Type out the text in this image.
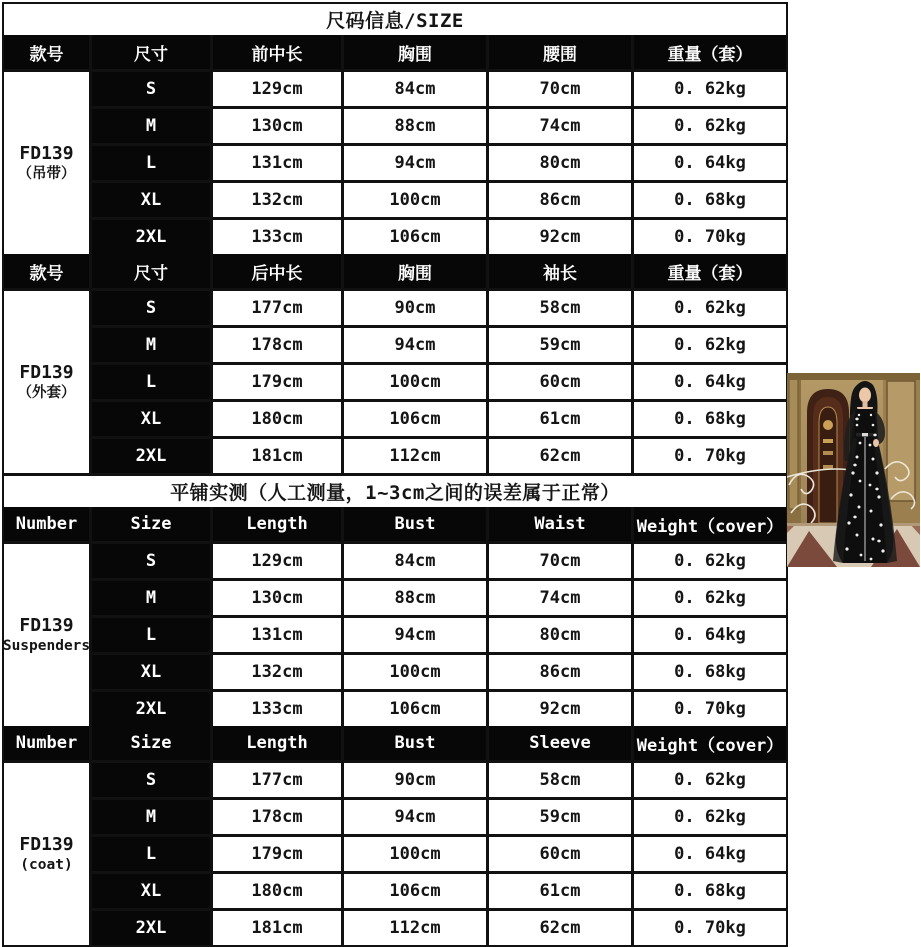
尺码信息/SIZE
款号	尺寸	前中长	胸围	腰围	重量（套）
FD139
（吊带）
S	129cm	84cm	70cm	0. 62kg
M	130cm	88cm	74cm	0. 62kg
L	131cm	94cm	80cm	0. 64kg
XL	132cm	100cm	86cm	0. 68kg
2XL	133cm	106cm	92cm	0. 70kg
款号	尺寸	后中长	胸围	袖长	重量（套）
FD139
（外套）
S	177cm	90cm	58cm	0. 62kg
M	178cm	94cm	59cm	0. 62kg
L	179cm	100cm	60cm	0. 64kg
XL	180cm	106cm	61cm	0. 68kg
2XL	181cm	112cm	62cm	0. 70kg
平铺实测（人工测量，1~3cm之间的误差属于正常）
Number	Size	Length	Bust	Waist	Weight（cover）
FD139
Suspenders
S	129cm	84cm	70cm	0. 62kg
M	130cm	88cm	74cm	0. 62kg
L	131cm	94cm	80cm	0. 64kg
XL	132cm	100cm	86cm	0. 68kg
2XL	133cm	106cm	92cm	0. 70kg
Number	Size	Length	Bust	Sleeve	Weight（cover）
FD139
(coat)
S	177cm	90cm	58cm	0. 62kg
M	178cm	94cm	59cm	0. 62kg
L	179cm	100cm	60cm	0. 64kg
XL	180cm	106cm	61cm	0. 68kg
2XL	181cm	112cm	62cm	0. 70kg
